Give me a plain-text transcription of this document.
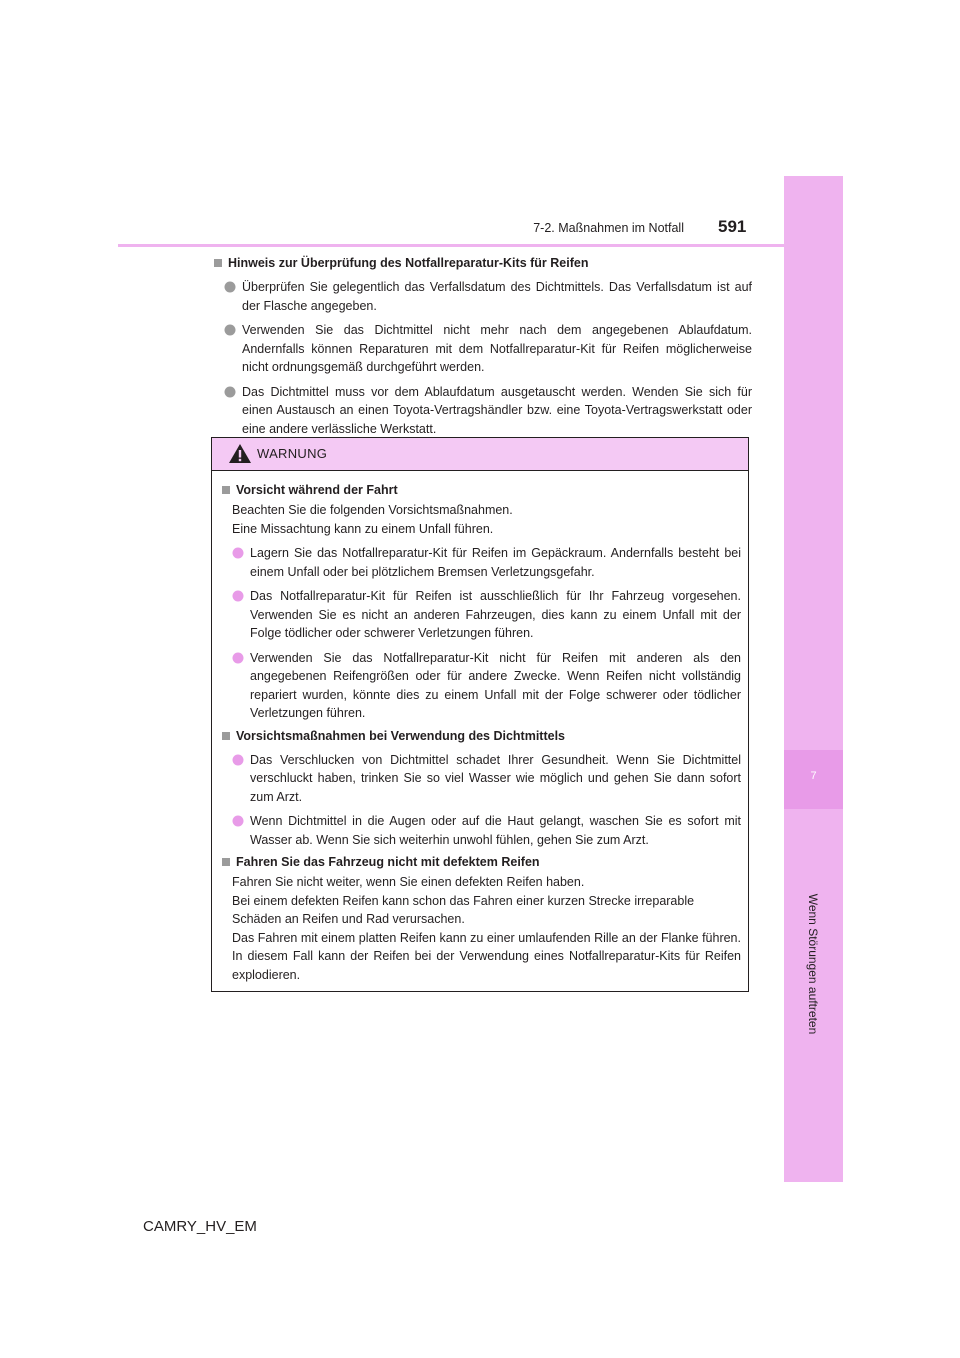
7
Wenn Störungen auftreten
7-2. Maßnahmen im Notfall 591
Hinweis zur Überprüfung des Notfallreparatur-Kits für Reifen
Überprüfen Sie gelegentlich das Verfallsdatum des Dichtmittels. Das Verfallsdatum ist auf der Flasche angegeben.
Verwenden Sie das Dichtmittel nicht mehr nach dem angegebenen Ablaufdatum. Andernfalls können Reparaturen mit dem Notfallreparatur-Kit für Reifen möglicherweise nicht ordnungsgemäß durchgeführt werden.
Das Dichtmittel muss vor dem Ablaufdatum ausgetauscht werden. Wenden Sie sich für einen Austausch an einen Toyota-Vertragshändler bzw. eine Toyota-Vertragswerkstatt oder eine andere verlässliche Werkstatt.
WARNUNG
Vorsicht während der Fahrt
Beachten Sie die folgenden Vorsichtsmaßnahmen.
Eine Missachtung kann zu einem Unfall führen.
Lagern Sie das Notfallreparatur-Kit für Reifen im Gepäckraum. Andernfalls besteht bei einem Unfall oder bei plötzlichem Bremsen Verletzungsgefahr.
Das Notfallreparatur-Kit für Reifen ist ausschließlich für Ihr Fahrzeug vorgesehen. Verwenden Sie es nicht an anderen Fahrzeugen, dies kann zu einem Unfall mit der Folge tödlicher oder schwerer Verletzungen führen.
Verwenden Sie das Notfallreparatur-Kit nicht für Reifen mit anderen als den angegebenen Reifengrößen oder für andere Zwecke. Wenn Reifen nicht vollständig repariert wurden, könnte dies zu einem Unfall mit der Folge schwerer oder tödlicher Verletzungen führen.
Vorsichtsmaßnahmen bei Verwendung des Dichtmittels
Das Verschlucken von Dichtmittel schadet Ihrer Gesundheit. Wenn Sie Dichtmittel verschluckt haben, trinken Sie so viel Wasser wie möglich und gehen Sie dann sofort zum Arzt.
Wenn Dichtmittel in die Augen oder auf die Haut gelangt, waschen Sie es sofort mit Wasser ab. Wenn Sie sich weiterhin unwohl fühlen, gehen Sie zum Arzt.
Fahren Sie das Fahrzeug nicht mit defektem Reifen
Fahren Sie nicht weiter, wenn Sie einen defekten Reifen haben.
Bei einem defekten Reifen kann schon das Fahren einer kurzen Strecke irreparable Schäden an Reifen und Rad verursachen.
Das Fahren mit einem platten Reifen kann zu einer umlaufenden Rille an der Flanke führen. In diesem Fall kann der Reifen bei der Verwendung eines Notfallreparatur-Kits für Reifen explodieren.
CAMRY_HV_EM
